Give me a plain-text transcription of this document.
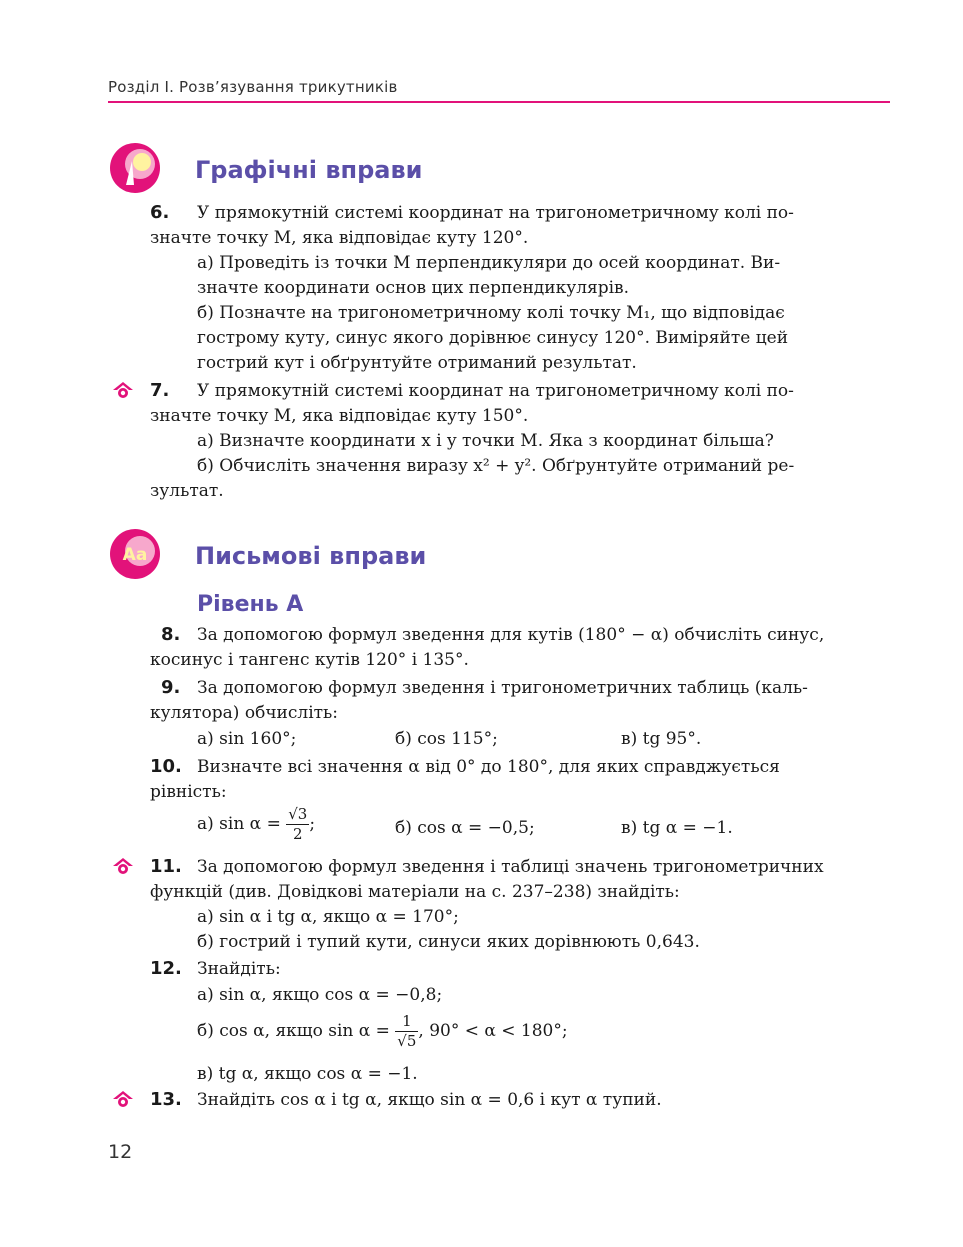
Розділ І. Розв’язування трикутників
Графічні вправи
6. У прямокутній системі координат на тригонометричному колі по-
значте точку M, яка відповідає куту 120°.
а) Проведіть із точки M перпендикуляри до осей координат. Ви-
значте координати основ цих перпендикулярів.
б) Позначте на тригонометричному колі точку M₁, що відповідає
гострому куту, синус якого дорівнює синусу 120°. Виміряйте цей
гострий кут і обґрунтуйте отриманий результат.
7. У прямокутній системі координат на тригонометричному колі по-
значте точку M, яка відповідає куту 150°.
а) Визначте координати x і y точки M. Яка з координат більша?
б) Обчисліть значення виразу x² + y². Обґрунтуйте отриманий ре-
зультат.
Aa Письмові вправи
Рівень А
8. За допомогою формул зведення для кутів (180° − α) обчисліть синус,
косинус і тангенс кутів 120° і 135°.
9. За допомогою формул зведення і тригонометричних таблиць (каль-
кулятора) обчисліть:
а) sin 160°;	б) cos 115°;	в) tg 95°.
10. Визначте всі значення α від 0° до 180°, для яких справджується
рівність:
а) $\sin \alpha = \frac{√3}{2}$ ;	б) cos α = −0,5;	в) tg α = −1.
11. За допомогою формул зведення і таблиці значень тригонометричних
функцій (див. Довідкові матеріали на с. 237–238) знайдіть:
а) sin α і tg α, якщо α = 170°;
б) гострий і тупий кути, синуси яких дорівнюють 0,643.
12. Знайдіть:
а) sin α, якщо cos α = −0,8;
б) cos α, якщо $\sin \alpha = \frac{1}{√5}$ , 90° < α < 180°;
в) tg α, якщо cos α = −1.
13. Знайдіть cos α і tg α, якщо sin α = 0,6 і кут α тупий.
12
